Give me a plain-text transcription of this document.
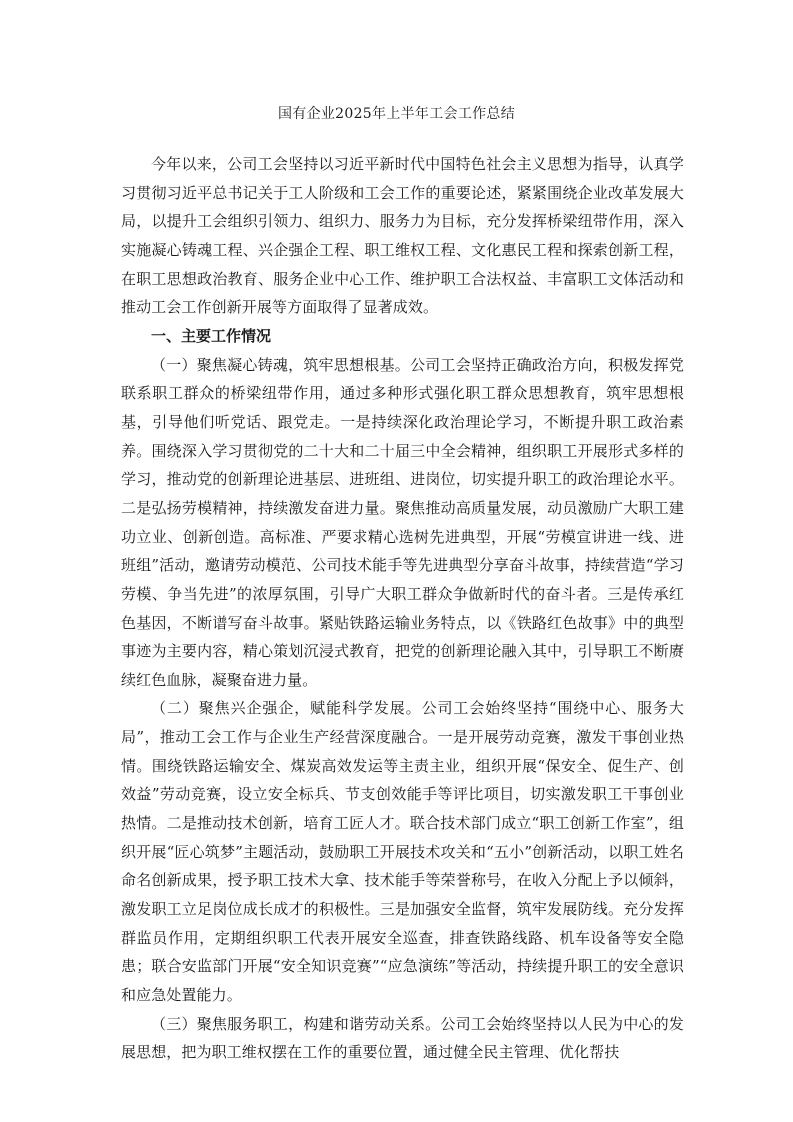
国有企业2025年上半年工会工作总结

今年以来，公司工会坚持以习近平新时代中国特色社会主义思想为指导，认真学习贯彻习近平总书记关于工人阶级和工会工作的重要论述，紧紧围绕企业改革发展大局，以提升工会组织引领力、组织力、服务力为目标，充分发挥桥梁纽带作用，深入实施凝心铸魂工程、兴企强企工程、职工维权工程、文化惠民工程和探索创新工程，在职工思想政治教育、服务企业中心工作、维护职工合法权益、丰富职工文体活动和推动工会工作创新开展等方面取得了显著成效。

一、主要工作情况

（一）聚焦凝心铸魂，筑牢思想根基。公司工会坚持正确政治方向，积极发挥党联系职工群众的桥梁纽带作用，通过多种形式强化职工群众思想教育，筑牢思想根基，引导他们听党话、跟党走。一是持续深化政治理论学习，不断提升职工政治素养。围绕深入学习贯彻党的二十大和二十届三中全会精神，组织职工开展形式多样的学习，推动党的创新理论进基层、进班组、进岗位，切实提升职工的政治理论水平。二是弘扬劳模精神，持续激发奋进力量。聚焦推动高质量发展，动员激励广大职工建功立业、创新创造。高标准、严要求精心选树先进典型，开展“劳模宣讲进一线、进班组”活动，邀请劳动模范、公司技术能手等先进典型分享奋斗故事，持续营造“学习劳模、争当先进”的浓厚氛围，引导广大职工群众争做新时代的奋斗者。三是传承红色基因，不断谱写奋斗故事。紧贴铁路运输业务特点，以《铁路红色故事》中的典型事迹为主要内容，精心策划沉浸式教育，把党的创新理论融入其中，引导职工不断赓续红色血脉，凝聚奋进力量。

（二）聚焦兴企强企，赋能科学发展。公司工会始终坚持“围绕中心、服务大局”，推动工会工作与企业生产经营深度融合。一是开展劳动竞赛，激发干事创业热情。围绕铁路运输安全、煤炭高效发运等主责主业，组织开展“保安全、促生产、创效益”劳动竞赛，设立安全标兵、节支创效能手等评比项目，切实激发职工干事创业热情。二是推动技术创新，培育工匠人才。联合技术部门成立“职工创新工作室”，组织开展“匠心筑梦”主题活动，鼓励职工开展技术攻关和“五小”创新活动，以职工姓名命名创新成果，授予职工技术大拿、技术能手等荣誉称号，在收入分配上予以倾斜，激发职工立足岗位成长成才的积极性。三是加强安全监督，筑牢发展防线。充分发挥群监员作用，定期组织职工代表开展安全巡查，排查铁路线路、机车设备等安全隐患；联合安监部门开展“安全知识竞赛”“应急演练”等活动，持续提升职工的安全意识和应急处置能力。

（三）聚焦服务职工，构建和谐劳动关系。公司工会始终坚持以人民为中心的发展思想，把为职工维权摆在工作的重要位置，通过健全民主管理、优化帮扶
